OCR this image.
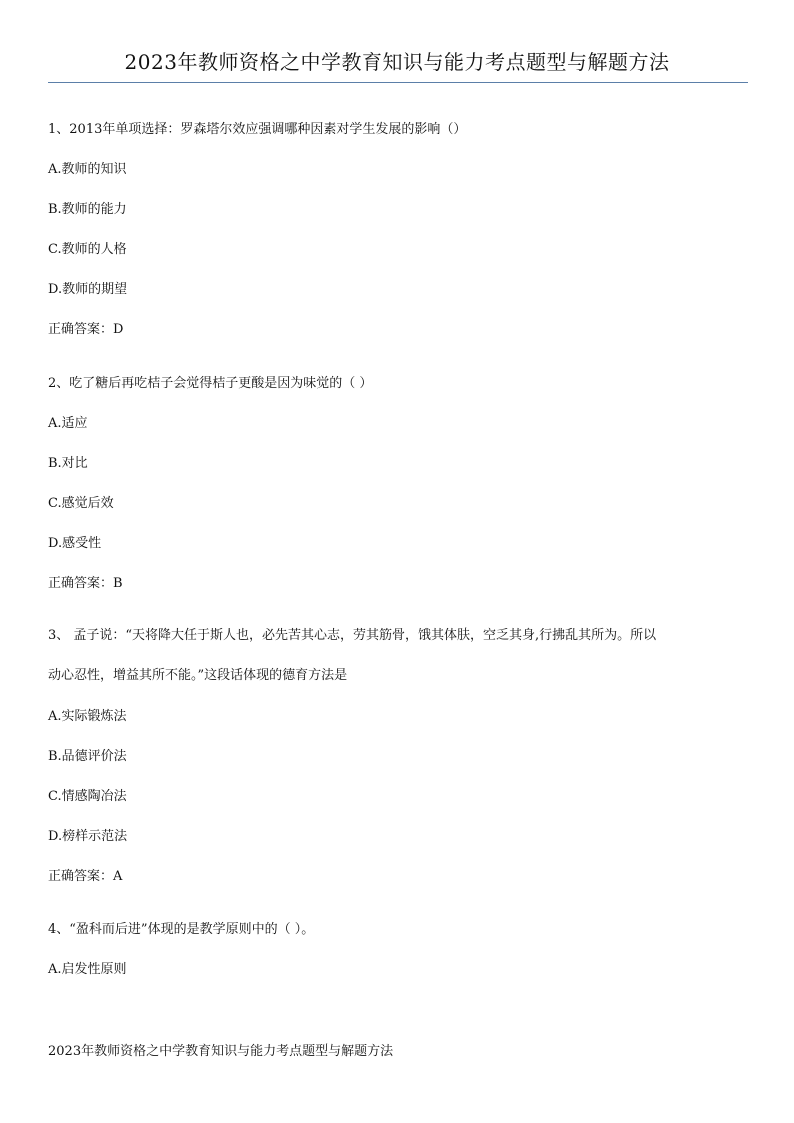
2023年教师资格之中学教育知识与能力考点题型与解题方法
1、2013年单项选择：罗森塔尔效应强调哪种因素对学生发展的影响（）
A.教师的知识
B.教师的能力
C.教师的人格
D.教师的期望
正确答案：D
2、吃了糖后再吃桔子会觉得桔子更酸是因为味觉的（ ）
A.适应
B.对比
C.感觉后效
D.感受性
正确答案：B
3、 孟子说：“天将降大任于斯人也，必先苦其心志，劳其筋骨，饿其体肤，空乏其身,行拂乱其所为。所以
动心忍性，增益其所不能。”这段话体现的德育方法是
A.实际锻炼法
B.品德评价法
C.情感陶冶法
D.榜样示范法
正确答案：A
4、“盈科而后进”体现的是教学原则中的（ ）。
A.启发性原则
2023年教师资格之中学教育知识与能力考点题型与解题方法
